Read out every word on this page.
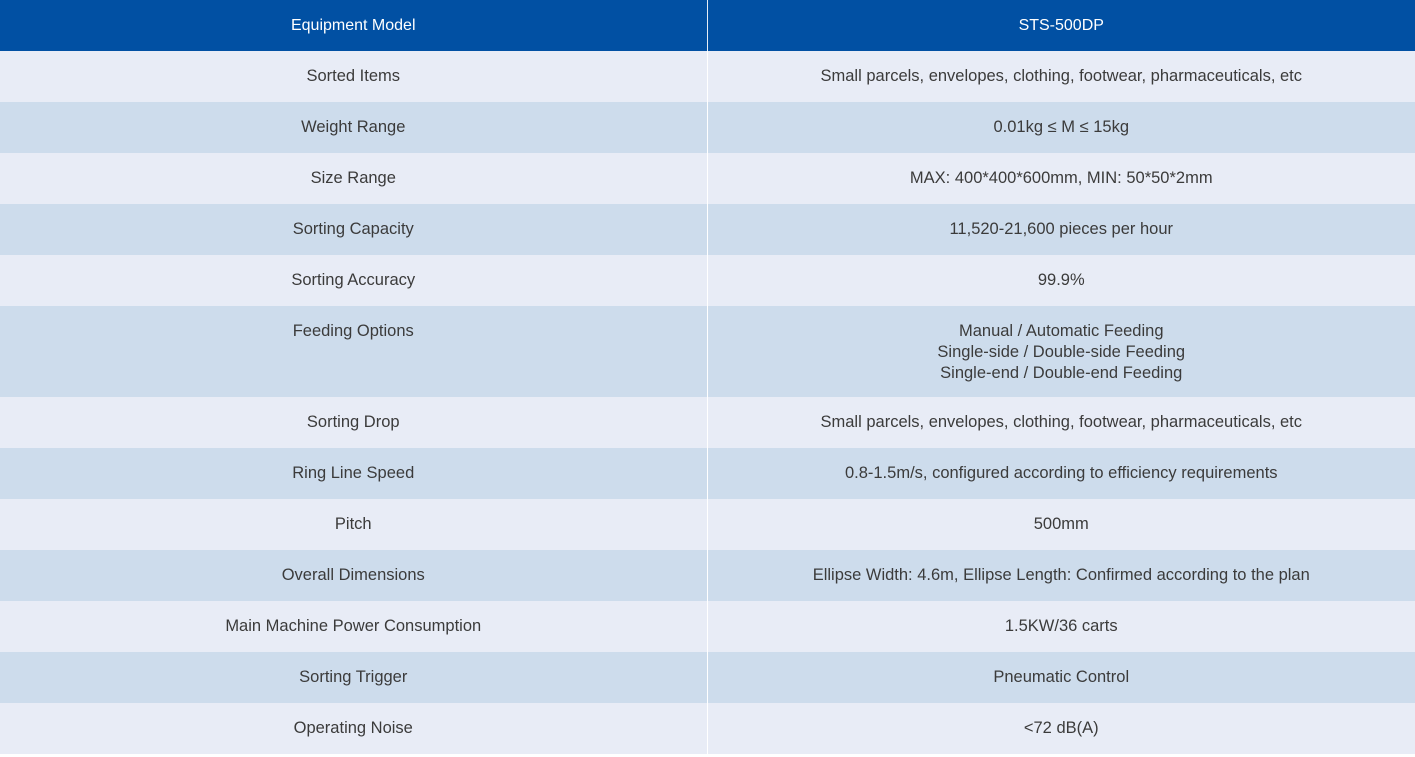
Equipment Model	STS-500DP
Sorted Items	Small parcels, envelopes, clothing, footwear, pharmaceuticals, etc
Weight Range	0.01kg ≤ M ≤ 15kg
Size Range	MAX: 400*400*600mm, MIN: 50*50*2mm
Sorting Capacity	11,520-21,600 pieces per hour
Sorting Accuracy	99.9%
Feeding Options	Manual / Automatic Feeding
Single-side / Double-side Feeding
Single-end / Double-end Feeding

Sorting Drop	Small parcels, envelopes, clothing, footwear, pharmaceuticals, etc
Ring Line Speed	0.8-1.5m/s, configured according to efficiency requirements
Pitch	500mm
Overall Dimensions	Ellipse Width: 4.6m, Ellipse Length: Confirmed according to the plan
Main Machine Power Consumption	1.5KW/36 carts
Sorting Trigger	Pneumatic Control
Operating Noise	<72 dB(A)
